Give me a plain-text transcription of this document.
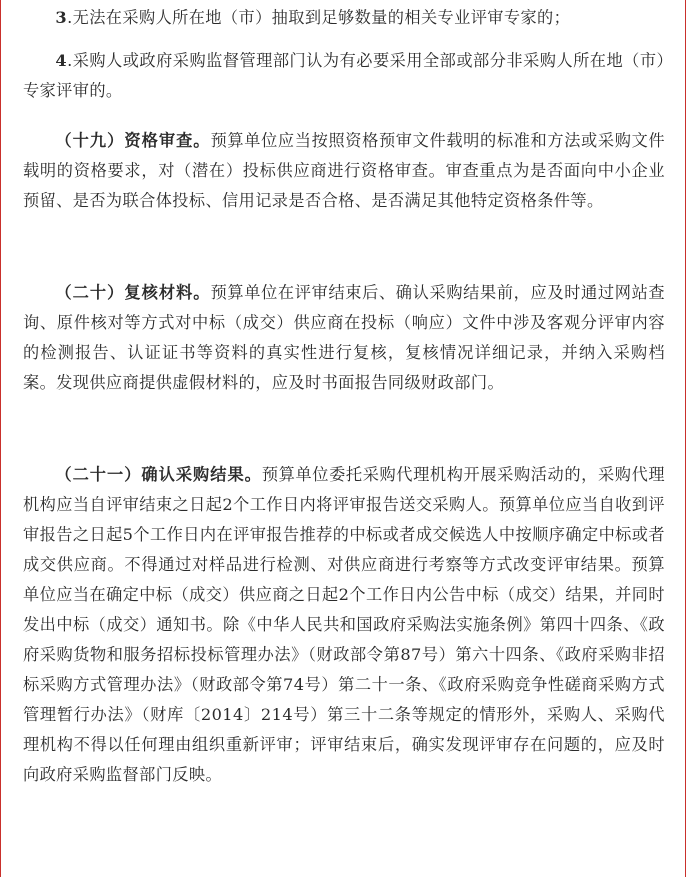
3.无法在采购人所在地（市）抽取到足够数量的相关专业评审专家的；

4.采购人或政府采购监督管理部门认为有必要采用全部或部分非采购人所在地（市）专家评审的。

（十九）资格审查。预算单位应当按照资格预审文件载明的标准和方法或采购文件载明的资格要求，对（潜在）投标供应商进行资格审查。审查重点为是否面向中小企业预留、是否为联合体投标、信用记录是否合格、是否满足其他特定资格条件等。

（二十）复核材料。预算单位在评审结束后、确认采购结果前，应及时通过网站查询、原件核对等方式对中标（成交）供应商在投标（响应）文件中涉及客观分评审内容的检测报告、认证证书等资料的真实性进行复核，复核情况详细记录，并纳入采购档案。发现供应商提供虚假材料的，应及时书面报告同级财政部门。

（二十一）确认采购结果。预算单位委托采购代理机构开展采购活动的，采购代理机构应当自评审结束之日起2个工作日内将评审报告送交采购人。预算单位应当自收到评审报告之日起5个工作日内在评审报告推荐的中标或者成交候选人中按顺序确定中标或者成交供应商。不得通过对样品进行检测、对供应商进行考察等方式改变评审结果。预算单位应当在确定中标（成交）供应商之日起2个工作日内公告中标（成交）结果，并同时发出中标（成交）通知书。除《中华人民共和国政府采购法实施条例》第四十四条、《政府采购货物和服务招标投标管理办法》（财政部令第87号）第六十四条、《政府采购非招标采购方式管理办法》（财政部令第74号）第二十一条、《政府采购竞争性磋商采购方式管理暂行办法》（财库〔2014〕214号）第三十二条等规定的情形外，采购人、采购代理机构不得以任何理由组织重新评审；评审结束后，确实发现评审存在问题的，应及时向政府采购监督部门反映。
